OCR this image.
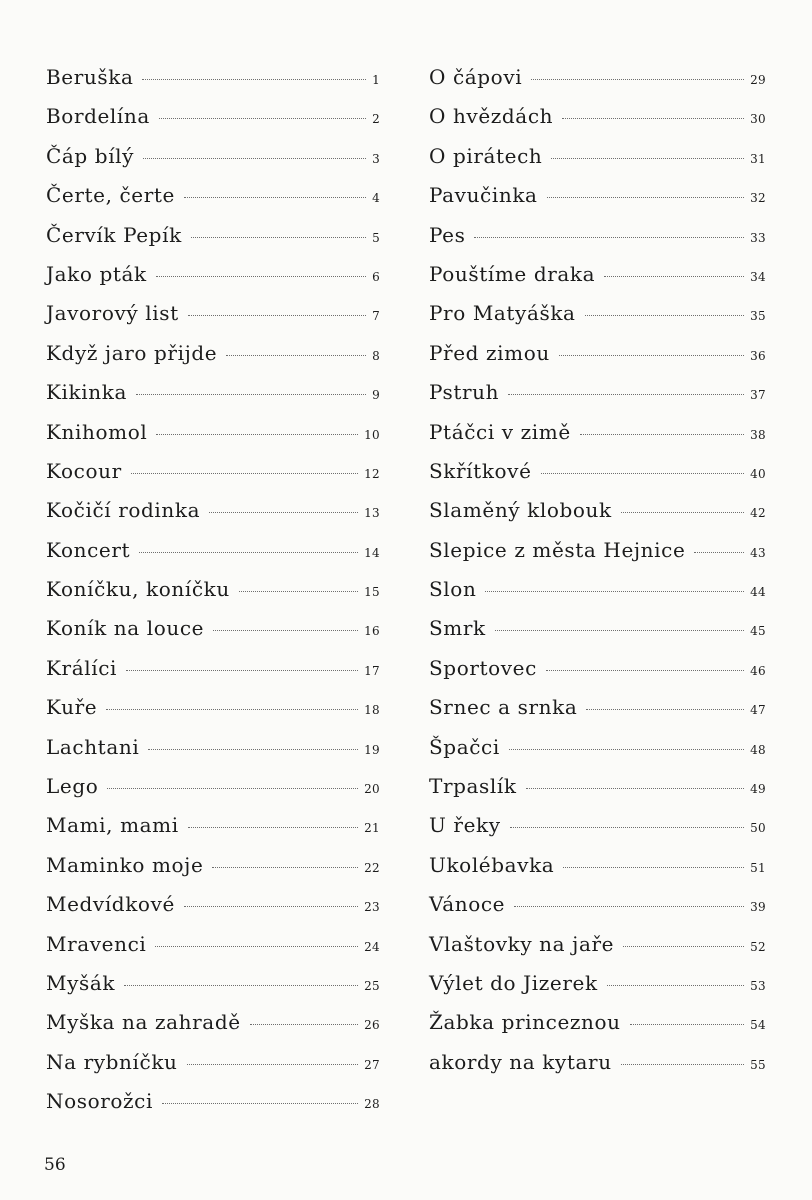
Beruška	1
Bordelína	2
Čáp bílý	3
Čerte, čerte	4
Červík Pepík	5
Jako pták	6
Javorový list	7
Když jaro přijde	8
Kikinka	9
Knihomol	10
Kocour	12
Kočičí rodinka	13
Koncert	14
Koníčku, koníčku	15
Koník na louce	16
Králíci	17
Kuře	18
Lachtani	19
Lego	20
Mami, mami	21
Maminko moje	22
Medvídkové	23
Mravenci	24
Myšák	25
Myška na zahradě	26
Na rybníčku	27
Nosorožci	28
O čápovi	29
O hvězdách	30
O pirátech	31
Pavučinka	32
Pes	33
Pouštíme draka	34
Pro Matyáška	35
Před zimou	36
Pstruh	37
Ptáčci v zimě	38
Skřítkové	40
Slaměný klobouk	42
Slepice z města Hejnice	43
Slon	44
Smrk	45
Sportovec	46
Srnec a srnka	47
Špačci	48
Trpaslík	49
U řeky	50
Ukolébavka	51
Vánoce	39
Vlaštovky na jaře	52
Výlet do Jizerek	53
Žabka princeznou	54
akordy na kytaru	55
56
